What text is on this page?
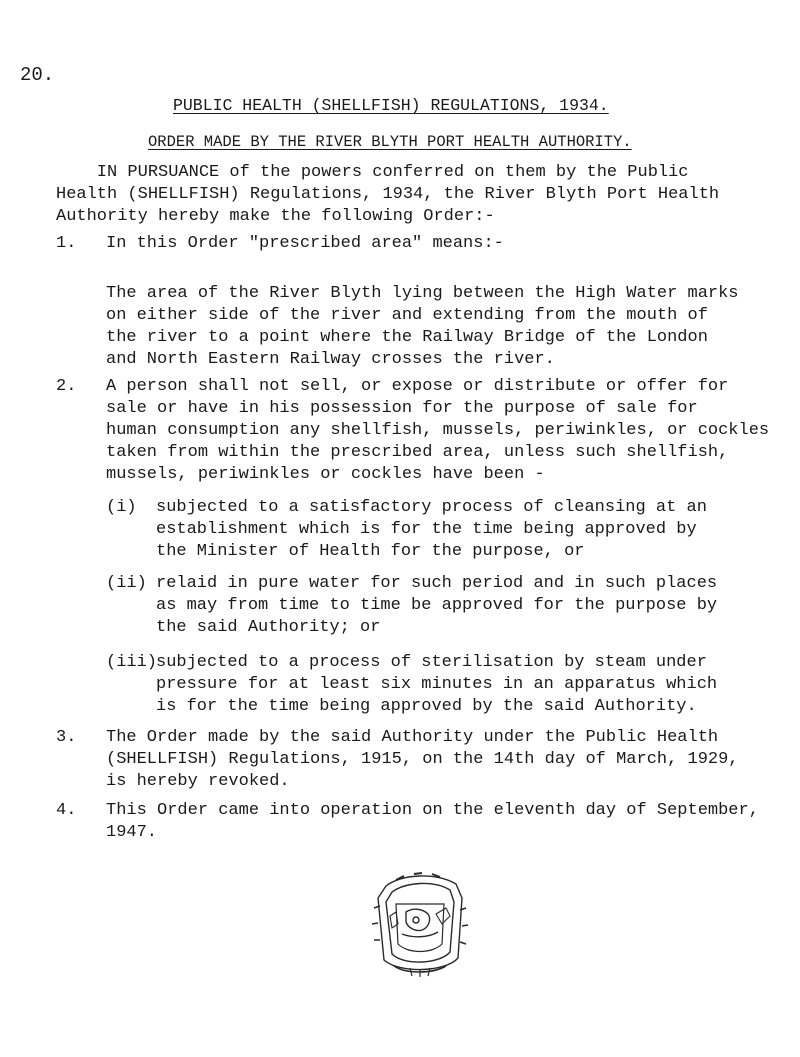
20.
PUBLIC HEALTH (SHELLFISH) REGULATIONS, 1934.
ORDER MADE BY THE RIVER BLYTH PORT HEALTH AUTHORITY.
IN PURSUANCE of the powers conferred on them by the Public
Health (SHELLFISH) Regulations, 1934, the River Blyth Port Health
Authority hereby make the following Order:-
1. In this Order "prescribed area" means:-
The area of the River Blyth lying between the High Water marks
on either side of the river and extending from the mouth of
the river to a point where the Railway Bridge of the London
and North Eastern Railway crosses the river.
2. A person shall not sell, or expose or distribute or offer for
sale or have in his possession for the purpose of sale for
human consumption any shellfish, mussels, periwinkles, or cockles
taken from within the prescribed area, unless such shellfish,
mussels, periwinkles or cockles have been -
(i) subjected to a satisfactory process of cleansing at an
establishment which is for the time being approved by
the Minister of Health for the purpose, or
(ii) relaid in pure water for such period and in such places
as may from time to time be approved for the purpose by
the said Authority; or
(iii)
subjected to a process of sterilisation by steam under
pressure for at least six minutes in an apparatus which
is for the time being approved by the said Authority.
3. The Order made by the said Authority under the Public Health
(SHELLFISH) Regulations, 1915, on the 14th day of March, 1929,
is hereby revoked.
4. This Order came into operation on the eleventh day of September,
1947.
